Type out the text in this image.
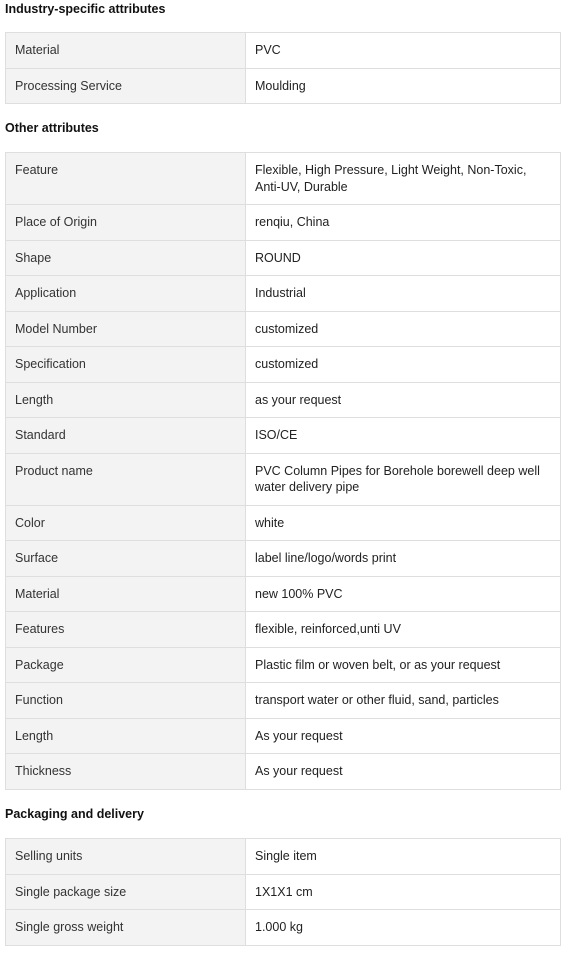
Industry-specific attributes
Material	PVC
Processing Service	Moulding
Other attributes
Feature	Flexible, High Pressure, Light Weight, Non-Toxic, Anti-UV, Durable
Place of Origin	renqiu, China
Shape	ROUND
Application	Industrial
Model Number	customized
Specification	customized
Length	as your request
Standard	ISO/CE
Product name	PVC Column Pipes for Borehole borewell deep well water delivery pipe
Color	white
Surface	label line/logo/words print
Material	new 100% PVC
Features	flexible, reinforced,unti UV
Package	Plastic film or woven belt, or as your request
Function	transport water or other fluid, sand, particles
Length	As your request
Thickness	As your request
Packaging and delivery
Selling units	Single item
Single package size	1X1X1 cm
Single gross weight	1.000 kg
